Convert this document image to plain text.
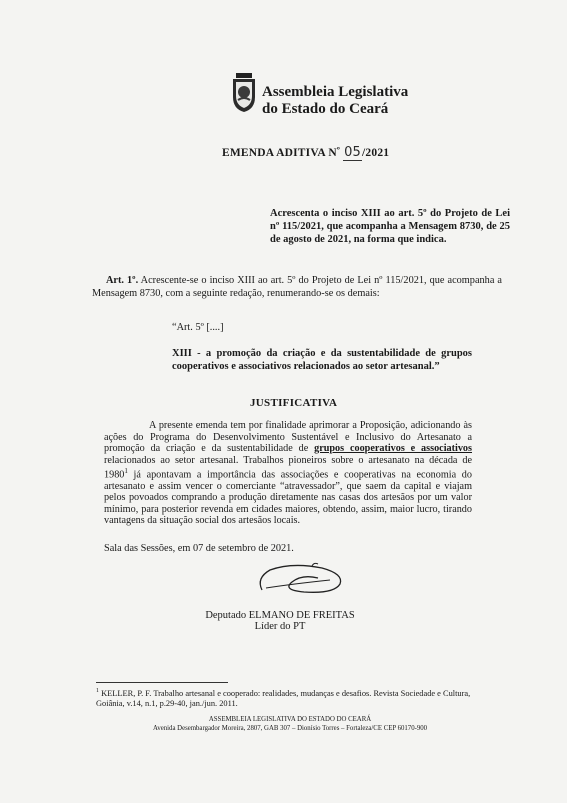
Assembleia Legislativa
do Estado do Ceará
EMENDA ADITIVA $N^º$ 05/2021
Acrescenta o inciso XIII ao art. 5º do Projeto de Lei nº 115/2021, que acompanha a Mensagem 8730, de 25 de agosto de 2021, na forma que indica.
Art. 1º. Acrescente-se o inciso XIII ao art. 5º do Projeto de Lei nº 115/2021, que acompanha a Mensagem 8730, com a seguinte redação, renumerando-se os demais:
“Art. 5º [....]
XIII - a promoção da criação e da sustentabilidade de grupos cooperativos e associativos relacionados ao setor artesanal.”
JUSTIFICATIVA
A presente emenda tem por finalidade aprimorar a Proposição, adicionando às ações do Programa do Desenvolvimento Sustentável e Inclusivo do Artesanato a promoção da criação e da sustentabilidade de grupos cooperativos e associativos relacionados ao setor artesanal. Trabalhos pioneiros sobre o artesanato na década de 1980$^1$ já apontavam a importância das associações e cooperativas na economia do artesanato e assim vencer o comerciante “atravessador”, que saem da capital e viajam pelos povoados comprando a produção diretamente nas casas dos artesãos por um valor mínimo, para posterior revenda em cidades maiores, obtendo, assim, maior lucro, tirando vantagens da situação social dos artesãos locais.
Sala das Sessões, em 07 de setembro de 2021.
Deputado ELMANO DE FREITAS
Líder do PT
$^1$ KELLER, P. F. Trabalho artesanal e cooperado: realidades, mudanças e desafios. Revista Sociedade e Cultura, Goiânia, v.14, n.1, p.29-40, jan./jun. 2011.
ASSEMBLEIA LEGISLATIVA DO ESTADO DO CEARÁ
Avenida Desembargador Moreira, 2807, GAB 307 – Dionísio Torres – Fortaleza/CE CEP 60170-900
